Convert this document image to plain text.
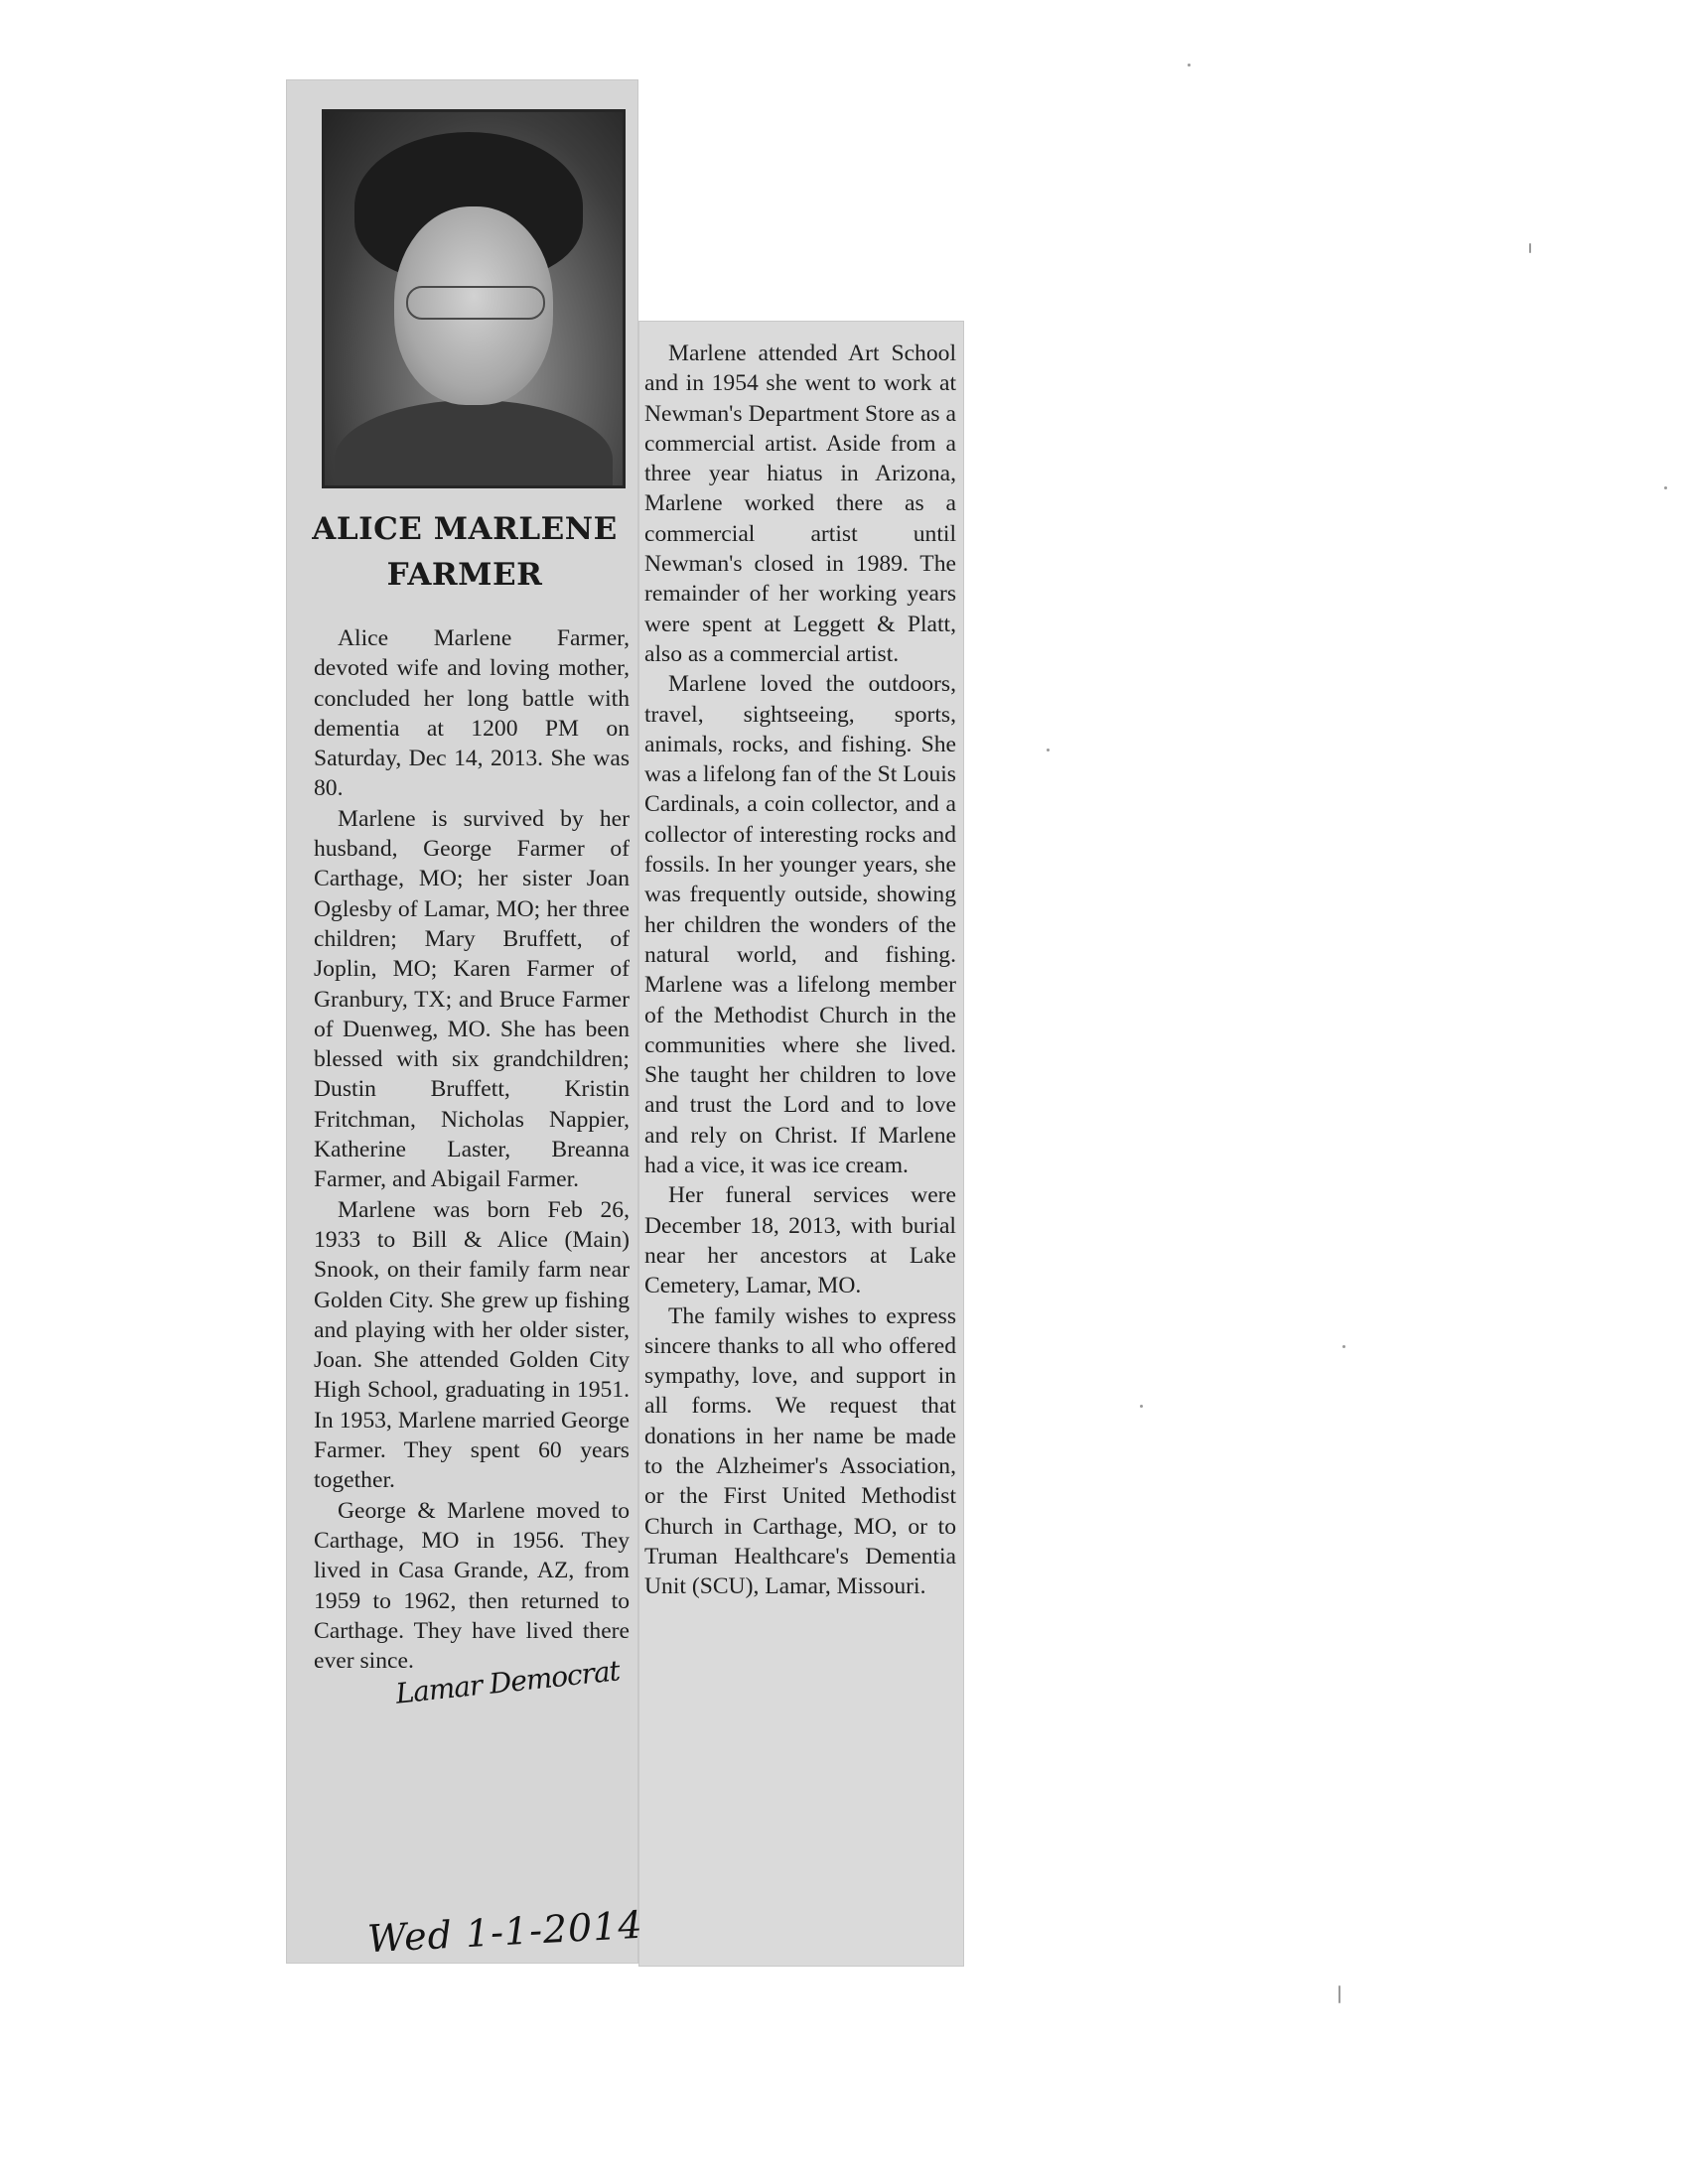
ALICE MARLENE
FARMER

Alice Marlene Farmer, devoted wife and loving mother, concluded her long battle with dementia at 1200 PM on Saturday, Dec 14, 2013. She was 80.

Marlene is survived by her husband, George Farmer of Carthage, MO; her sister Joan Oglesby of Lamar, MO; her three children; Mary Bruffett, of Joplin, MO; Karen Farmer of Granbury, TX; and Bruce Farmer of Duenweg, MO. She has been blessed with six grandchildren; Dustin Bruffett, Kristin Fritchman, Nicholas Nappier, Katherine Laster, Breanna Farmer, and Abigail Farmer.

Marlene was born Feb 26, 1933 to Bill & Alice (Main) Snook, on their family farm near Golden City. She grew up fishing and playing with her older sister, Joan. She attended Golden City High School, graduating in 1951. In 1953, Marlene married George Farmer. They spent 60 years together.

George & Marlene moved to Carthage, MO in 1956. They lived in Casa Grande, AZ, from 1959 to 1962, then returned to Carthage. They have lived there ever since.

Marlene attended Art School and in 1954 she went to work at Newman's Department Store as a commercial artist. Aside from a three year hiatus in Arizona, Marlene worked there as a commercial artist until Newman's closed in 1989. The remainder of her working years were spent at Leggett & Platt, also as a commercial artist.

Marlene loved the outdoors, travel, sightseeing, sports, animals, rocks, and fishing. She was a lifelong fan of the St Louis Cardinals, a coin collector, and a collector of interesting rocks and fossils. In her younger years, she was frequently outside, showing her children the wonders of the natural world, and fishing. Marlene was a lifelong member of the Methodist Church in the communities where she lived. She taught her children to love and trust the Lord and to love and rely on Christ. If Marlene had a vice, it was ice cream.

Her funeral services were December 18, 2013, with burial near her ancestors at Lake Cemetery, Lamar, MO.

The family wishes to express sincere thanks to all who offered sympathy, love, and support in all forms. We request that donations in her name be made to the Alzheimer's Association, or the First United Methodist Church in Carthage, MO, or to Truman Healthcare's Dementia Unit (SCU), Lamar, Missouri.

Lamar Democrat
Wed 1-1-2014
